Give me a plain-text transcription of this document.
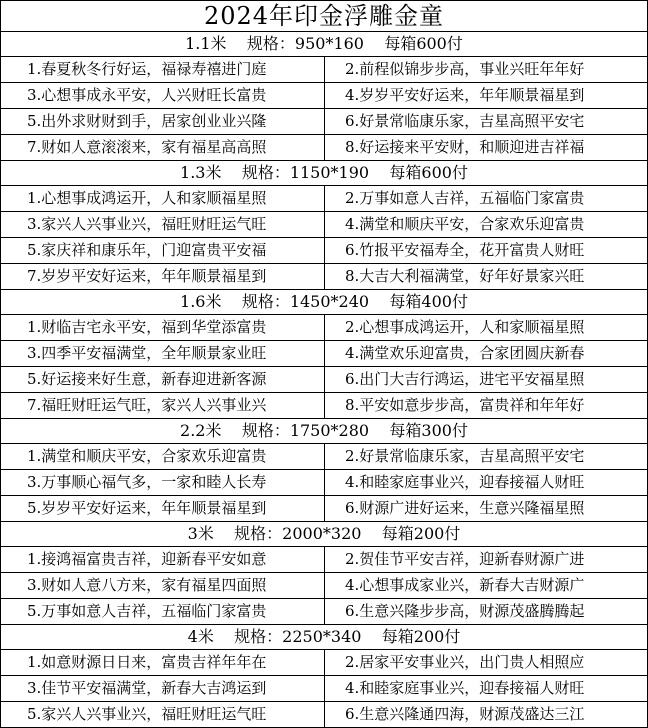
2024年印金浮雕金童
1.1米    规格：950*160    每箱600付
1.春夏秋冬行好运，福禄寿禧进门庭	2.前程似锦步步高，事业兴旺年年好
3.心想事成永平安，人兴财旺长富贵	4.岁岁平安好运来，年年顺景福星到
5.出外求财财到手，居家创业业兴隆	6.好景常临康乐家，吉星高照平安宅
7.财如人意滚滚来，家有福星高高照	8.好运接来平安财，和顺迎进吉祥福
1.3米    规格：1150*190    每箱600付
1.心想事成鸿运开，人和家顺福星照	2.万事如意人吉祥，五福临门家富贵
3.家兴人兴事业兴，福旺财旺运气旺	4.满堂和顺庆平安，合家欢乐迎富贵
5.家庆祥和康乐年，门迎富贵平安福	6.竹报平安福寿全，花开富贵人财旺
7.岁岁平安好运来，年年顺景福星到	8.大吉大利福满堂，好年好景家兴旺
1.6米    规格：1450*240    每箱400付
1.财临吉宅永平安，福到华堂添富贵	2.心想事成鸿运开，人和家顺福星照
3.四季平安福满堂，全年顺景家业旺	4.满堂欢乐迎富贵，合家团圆庆新春
5.好运接来好生意，新春迎进新客源	6.出门大吉行鸿运，进宅平安福星照
7.福旺财旺运气旺，家兴人兴事业兴	8.平安如意步步高，富贵祥和年年好
2.2米    规格：1750*280    每箱300付
1.满堂和顺庆平安，合家欢乐迎富贵	2.好景常临康乐家，吉星高照平安宅
3.万事顺心福气多，一家和睦人长寿	4.和睦家庭事业兴，迎春接福人财旺
5.岁岁平安好运来，年年顺景福星到	6.财源广进好运来，生意兴隆福星照
3米    规格：2000*320    每箱200付
1.接鸿福富贵吉祥，迎新春平安如意	2.贺佳节平安吉祥，迎新春财源广进
3.财如人意八方来，家有福星四面照	4.心想事成家业兴，新春大吉财源广
5.万事如意人吉祥，五福临门家富贵	6.生意兴隆步步高，财源茂盛腾腾起
4米    规格：2250*340    每箱200付
1.如意财源日日来，富贵吉祥年年在	2.居家平安事业兴，出门贵人相照应
3.佳节平安福满堂，新春大吉鸿运到	4.和睦家庭事业兴，迎春接福人财旺
5.家兴人兴事业兴，福旺财旺运气旺	6.生意兴隆通四海，财源茂盛达三江
